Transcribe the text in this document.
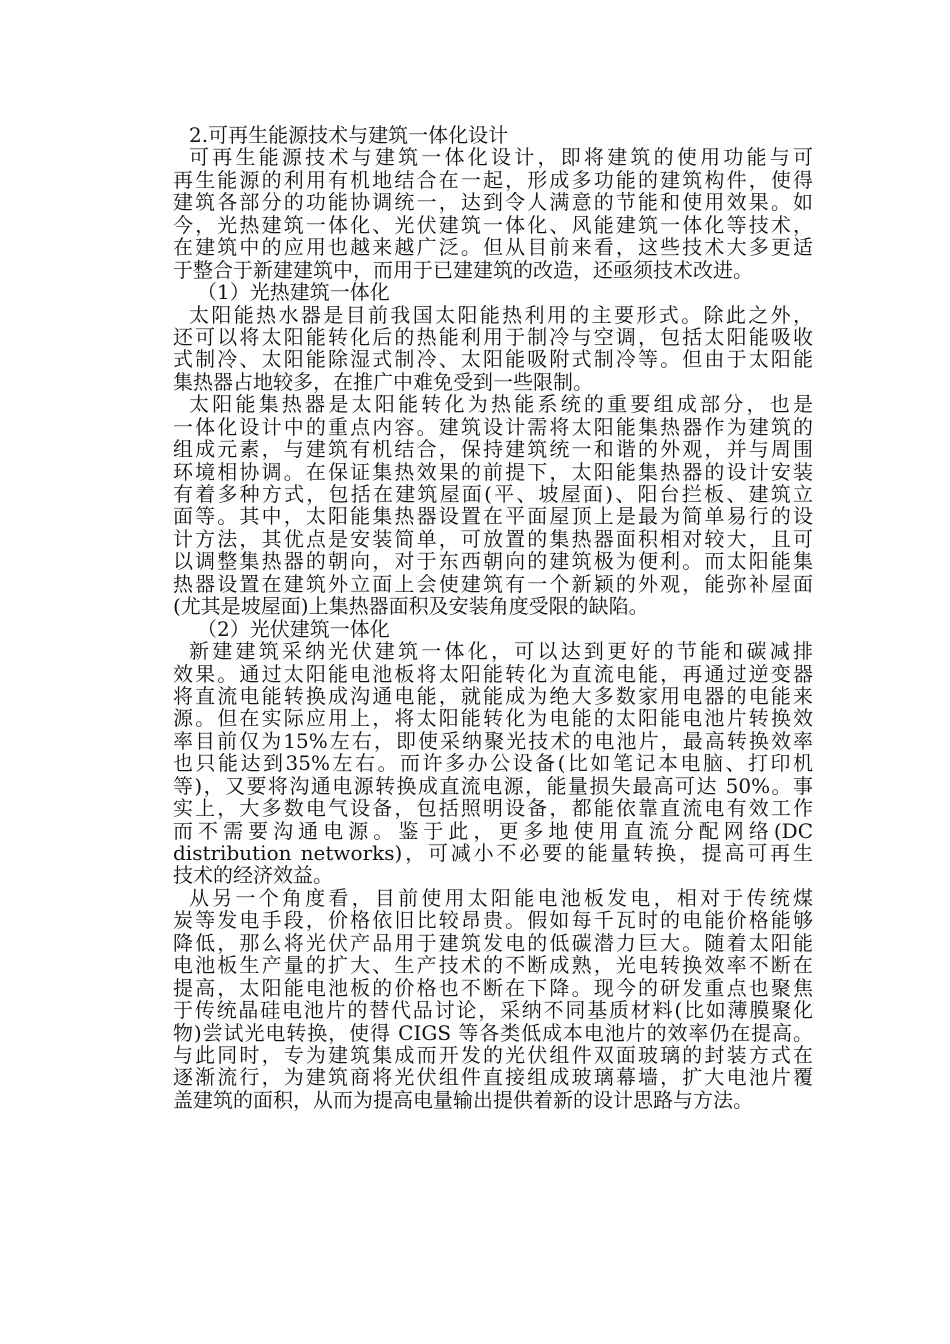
2.可再生能源技术与建筑一体化设计
可再生能源技术与建筑一体化设计，即将建筑的使用功能与可
再生能源的利用有机地结合在一起，形成多功能的建筑构件，使得
建筑各部分的功能协调统一，达到令人满意的节能和使用效果。如
今，光热建筑一体化、光伏建筑一体化、风能建筑一体化等技术，
在建筑中的应用也越来越广泛。但从目前来看，这些技术大多更适
于整合于新建建筑中，而用于已建建筑的改造，还亟须技术改进。
（1）光热建筑一体化
太阳能热水器是目前我国太阳能热利用的主要形式。除此之外，
还可以将太阳能转化后的热能利用于制冷与空调，包括太阳能吸收
式制冷、太阳能除湿式制冷、太阳能吸附式制冷等。但由于太阳能
集热器占地较多，在推广中难免受到一些限制。
太阳能集热器是太阳能转化为热能系统的重要组成部分，也是
一体化设计中的重点内容。建筑设计需将太阳能集热器作为建筑的
组成元素，与建筑有机结合，保持建筑统一和谐的外观，并与周围
环境相协调。在保证集热效果的前提下，太阳能集热器的设计安装
有着多种方式，包括在建筑屋面(平、坡屋面)、阳台拦板、建筑立
面等。其中，太阳能集热器设置在平面屋顶上是最为简单易行的设
计方法，其优点是安装简单，可放置的集热器面积相对较大，且可
以调整集热器的朝向，对于东西朝向的建筑极为便利。而太阳能集
热器设置在建筑外立面上会使建筑有一个新颖的外观，能弥补屋面
(尤其是坡屋面)上集热器面积及安装角度受限的缺陷。
（2）光伏建筑一体化
新建建筑采纳光伏建筑一体化，可以达到更好的节能和碳减排
效果。通过太阳能电池板将太阳能转化为直流电能，再通过逆变器
将直流电能转换成沟通电能，就能成为绝大多数家用电器的电能来
源。但在实际应用上，将太阳能转化为电能的太阳能电池片转换效
率目前仅为15%左右，即使采纳聚光技术的电池片，最高转换效率
也只能达到35%左右。而许多办公设备(比如笔记本电脑、打印机
等)，又要将沟通电源转换成直流电源，能量损失最高可达 50%。事
实上，大多数电气设备，包括照明设备，都能依靠直流电有效工作
而不需要沟通电源。鉴于此，更多地使用直流分配网络(DC
distribution networks)，可减小不必要的能量转换，提高可再生
技术的经济效益。
从另一个角度看，目前使用太阳能电池板发电，相对于传统煤
炭等发电手段，价格依旧比较昂贵。假如每千瓦时的电能价格能够
降低，那么将光伏产品用于建筑发电的低碳潜力巨大。随着太阳能
电池板生产量的扩大、生产技术的不断成熟，光电转换效率不断在
提高，太阳能电池板的价格也不断在下降。现今的研发重点也聚焦
于传统晶硅电池片的替代品讨论，采纳不同基质材料(比如薄膜聚化
物)尝试光电转换，使得 CIGS 等各类低成本电池片的效率仍在提高。
与此同时，专为建筑集成而开发的光伏组件双面玻璃的封装方式在
逐渐流行，为建筑商将光伏组件直接组成玻璃幕墙，扩大电池片覆
盖建筑的面积，从而为提高电量输出提供着新的设计思路与方法。
